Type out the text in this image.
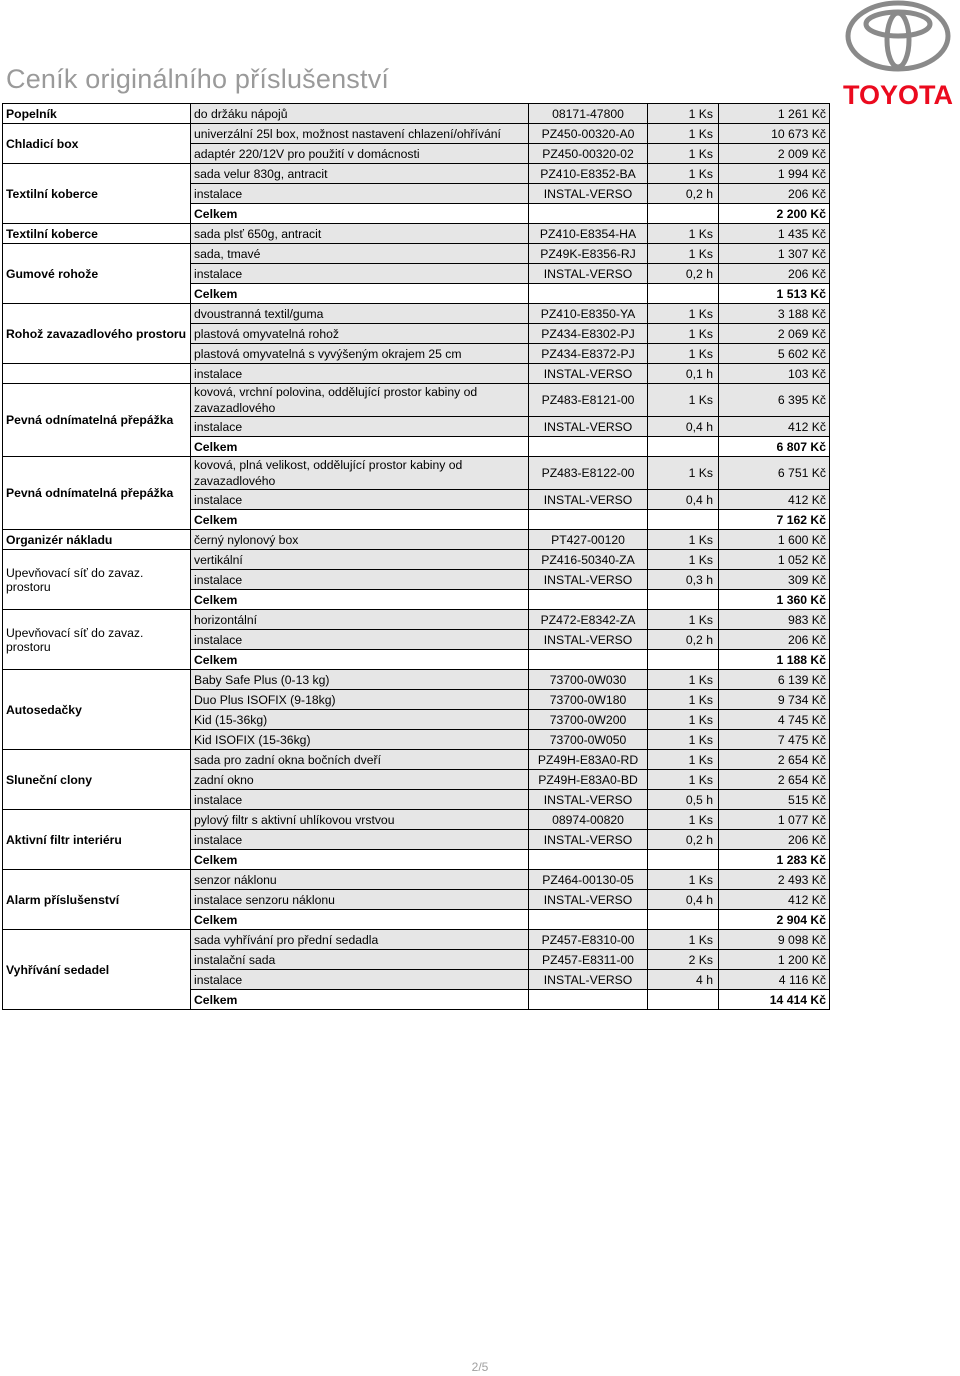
Ceník originálního příslušenství
TOYOTA
Popelník	do držáku nápojů	08171-47800	1 Ks	1 261 Kč
Chladicí box	univerzální 25l box, možnost nastavení chlazení/ohřívání	PZ450-00320-A0	1 Ks	10 673 Kč
	adaptér 220/12V pro použití v domácnosti	PZ450-00320-02	1 Ks	2 009 Kč
Textilní koberce	sada velur 830g, antracit	PZ410-E8352-BA	1 Ks	1 994 Kč
	instalace	INSTAL-VERSO	0,2 h	206 Kč
	Celkem			2 200 Kč
Textilní koberce	sada plsť 650g, antracit	PZ410-E8354-HA	1 Ks	1 435 Kč
Gumové rohože	sada, tmavé	PZ49K-E8356-RJ	1 Ks	1 307 Kč
	instalace	INSTAL-VERSO	0,2 h	206 Kč
	Celkem			1 513 Kč
Rohož zavazadlového prostoru	dvoustranná textil/guma	PZ410-E8350-YA	1 Ks	3 188 Kč
	plastová omyvatelná rohož	PZ434-E8302-PJ	1 Ks	2 069 Kč
	plastová omyvatelná s vyvýšeným okrajem 25 cm	PZ434-E8372-PJ	1 Ks	5 602 Kč
	instalace	INSTAL-VERSO	0,1 h	103 Kč
Pevná odnímatelná přepážka	kovová, vrchní polovina, oddělující prostor kabiny od zavazadlového	PZ483-E8121-00	1 Ks	6 395 Kč
	instalace	INSTAL-VERSO	0,4 h	412 Kč
	Celkem			6 807 Kč
Pevná odnímatelná přepážka	kovová, plná velikost, oddělující prostor kabiny od zavazadlového	PZ483-E8122-00	1 Ks	6 751 Kč
	instalace	INSTAL-VERSO	0,4 h	412 Kč
	Celkem			7 162 Kč
Organizér nákladu	černý nylonový box	PT427-00120	1 Ks	1 600 Kč
Upevňovací síť do zavaz. prostoru	vertikální	PZ416-50340-ZA	1 Ks	1 052 Kč
	instalace	INSTAL-VERSO	0,3 h	309 Kč
	Celkem			1 360 Kč
Upevňovací síť do zavaz. prostoru	horizontální	PZ472-E8342-ZA	1 Ks	983 Kč
	instalace	INSTAL-VERSO	0,2 h	206 Kč
	Celkem			1 188 Kč
Autosedačky	Baby Safe Plus (0-13 kg)	73700-0W030	1 Ks	6 139 Kč
	Duo Plus ISOFIX (9-18kg)	73700-0W180	1 Ks	9 734 Kč
	Kid (15-36kg)	73700-0W200	1 Ks	4 745 Kč
	Kid ISOFIX (15-36kg)	73700-0W050	1 Ks	7 475 Kč
Sluneční clony	sada pro zadní okna bočních dveří	PZ49H-E83A0-RD	1 Ks	2 654 Kč
	zadní okno	PZ49H-E83A0-BD	1 Ks	2 654 Kč
	instalace	INSTAL-VERSO	0,5 h	515 Kč
Aktivní filtr interiéru	pylový filtr s aktivní uhlíkovou vrstvou	08974-00820	1 Ks	1 077 Kč
	instalace	INSTAL-VERSO	0,2 h	206 Kč
	Celkem			1 283 Kč
Alarm příslušenství	senzor náklonu	PZ464-00130-05	1 Ks	2 493 Kč
	instalace senzoru náklonu	INSTAL-VERSO	0,4 h	412 Kč
	Celkem			2 904 Kč
Vyhřívání sedadel	sada vyhřívání pro přední sedadla	PZ457-E8310-00	1 Ks	9 098 Kč
	instalační sada	PZ457-E8311-00	2 Ks	1 200 Kč
	instalace	INSTAL-VERSO	4 h	4 116 Kč
	Celkem			14 414 Kč
2/5
